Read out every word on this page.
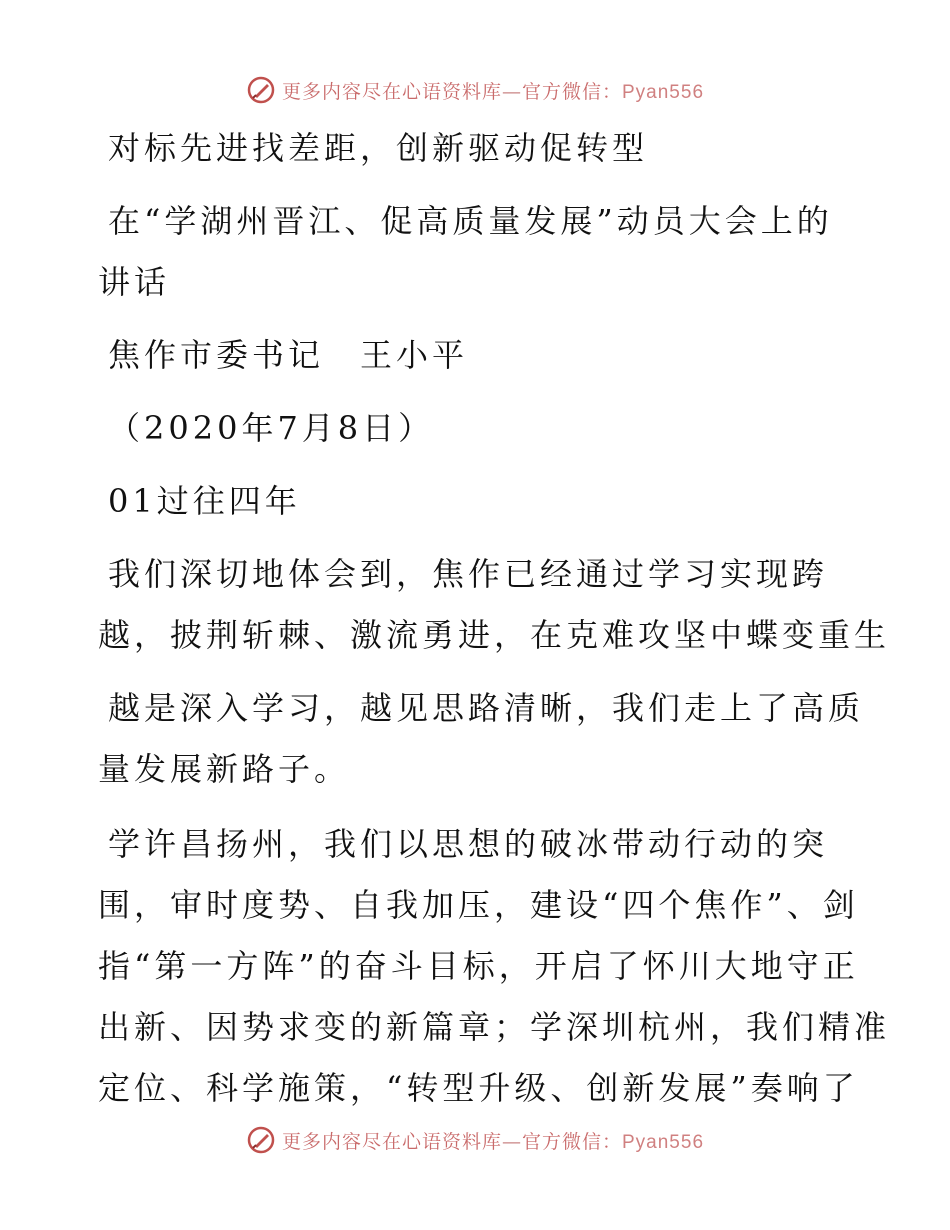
更多内容尽在心语资料库—官方微信：Pyan556

对标先进找差距，创新驱动促转型

在“学湖州晋江、促高质量发展”动员大会上的

讲话

焦作市委书记　王小平

（2020年7月8日）

01过往四年

我们深切地体会到，焦作已经通过学习实现跨

越，披荆斩棘、激流勇进，在克难攻坚中蝶变重生

越是深入学习，越见思路清晰，我们走上了高质

量发展新路子。

学许昌扬州，我们以思想的破冰带动行动的突

围，审时度势、自我加压，建设“四个焦作”、剑

指“第一方阵”的奋斗目标，开启了怀川大地守正

出新、因势求变的新篇章；学深圳杭州，我们精准

定位、科学施策，“转型升级、创新发展”奏响了

更多内容尽在心语资料库—官方微信：Pyan556
